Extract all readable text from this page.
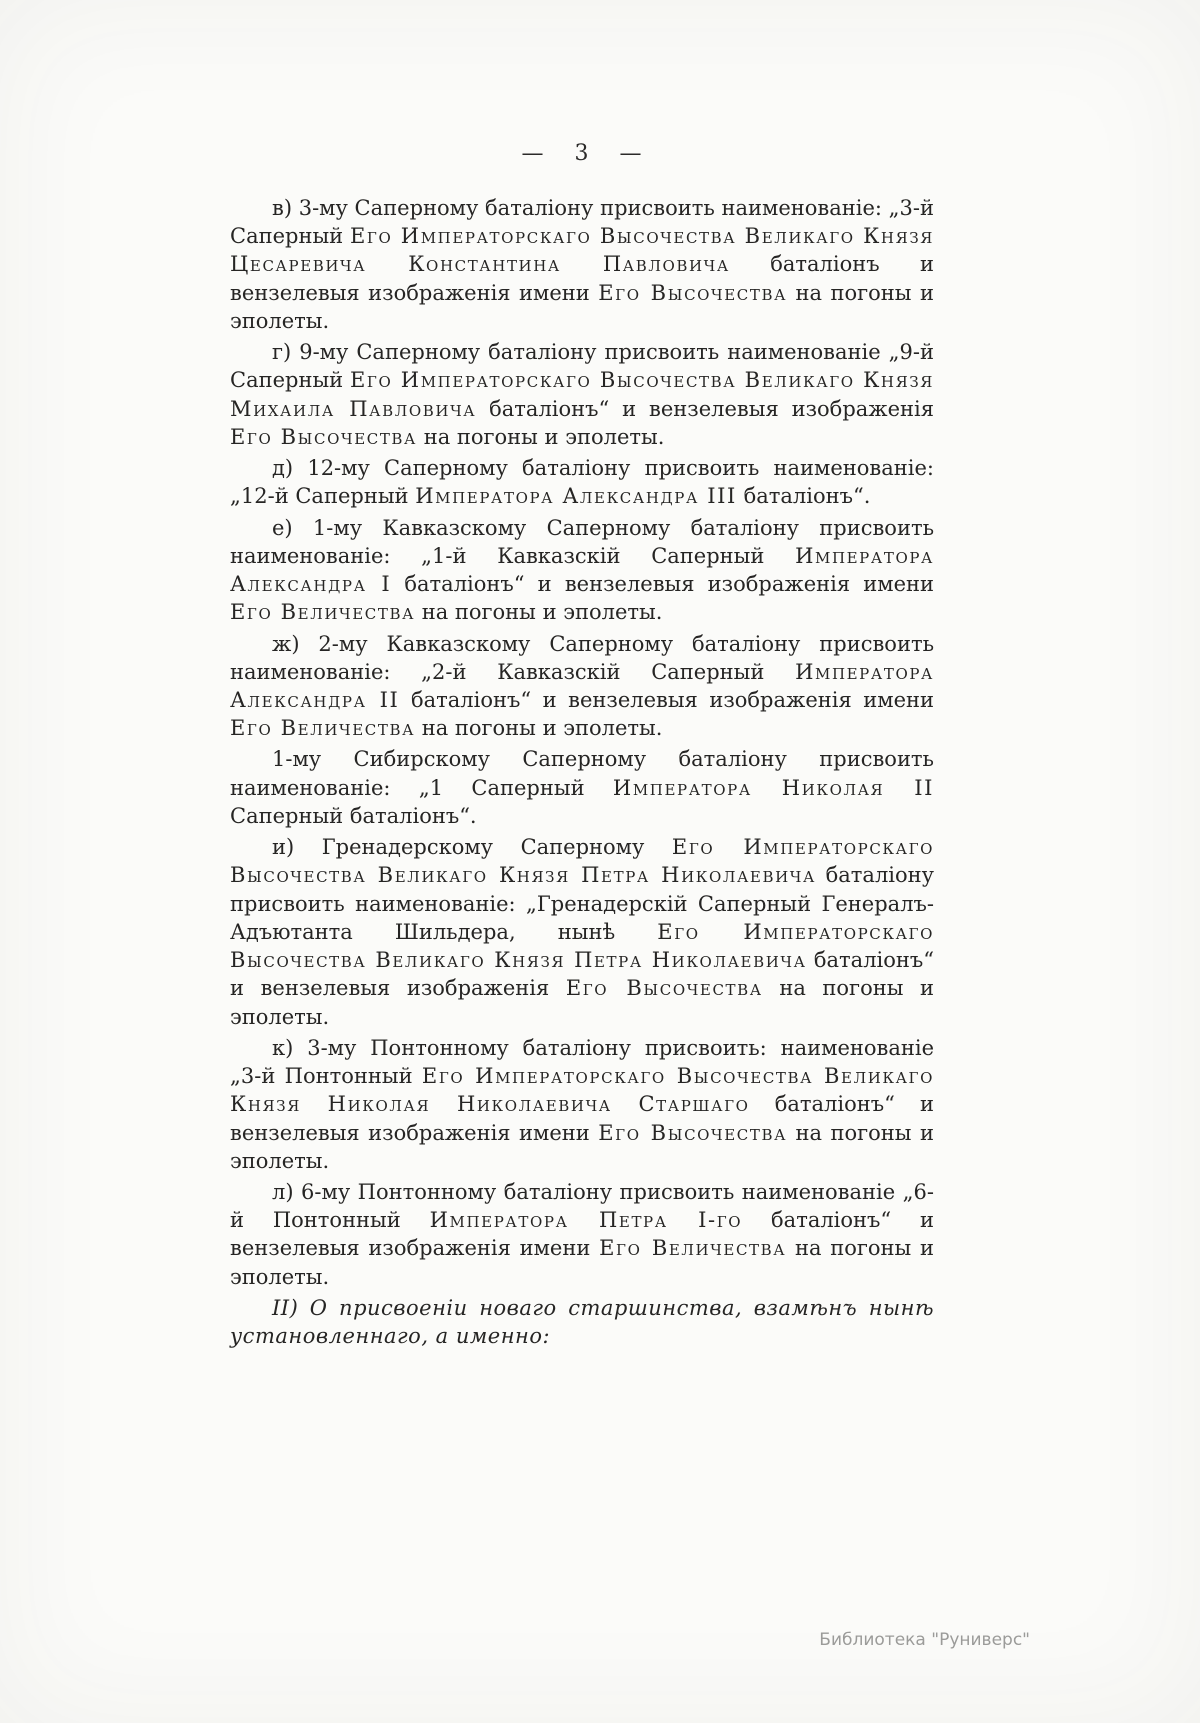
— 3 —

в) 3-му Саперному баталіону присвоить наименованіе: „3-й Саперный Его Императорскаго Высочества Великаго Князя Цесаревича Константина Павловича баталіонъ и вензелевыя изображенія имени Его Высочества на погоны и эполеты.

г) 9-му Саперному баталіону присвоить наименованіе „9-й Саперный Его Императорскаго Высочества Великаго Князя Михаила Павловича баталіонъ“ и вензелевыя изображенія Его Высочества на погоны и эполеты.

д) 12-му Саперному баталіону присвоить наименованіе: „12-й Саперный Императора Александра III баталіонъ“.

е) 1-му Кавказскому Саперному баталіону присвоить наименованіе: „1-й Кавказскій Саперный Императора Александра I баталіонъ“ и вензелевыя изображенія имени Его Величества на погоны и эполеты.

ж) 2-му Кавказскому Саперному баталіону присвоить наименованіе: „2-й Кавказскій Саперный Императора Александра II баталіонъ“ и вензелевыя изображенія имени Его Величества на погоны и эполеты.

1-му Сибирскому Саперному баталіону присвоить наименованіе: „1 Саперный Императора Николая II Саперный баталіонъ“.

и) Гренадерскому Саперному Его Императорскаго Высочества Великаго Князя Петра Николаевича баталіону присвоить наименованіе: „Гренадерскій Саперный Генералъ-Адъютанта Шильдера, нынѣ Его Императорскаго Высочества Великаго Князя Петра Николаевича баталіонъ“ и вензелевыя изображенія Его Высочества на погоны и эполеты.

к) 3-му Понтонному баталіону присвоить: наименованіе „3-й Понтонный Его Императорскаго Высочества Великаго Князя Николая Николаевича Старшаго баталіонъ“ и вензелевыя изображенія имени Его Высочества на погоны и эполеты.

л) 6-му Понтонному баталіону присвоить наименованіе „6-й Понтонный Императора Петра I-го баталіонъ“ и вензелевыя изображенія имени Его Величества на погоны и эполеты.

II) О присвоеніи новаго старшинства, взамѣнъ нынѣ установленнаго, а именно:

Библиотека "Руниверс"
